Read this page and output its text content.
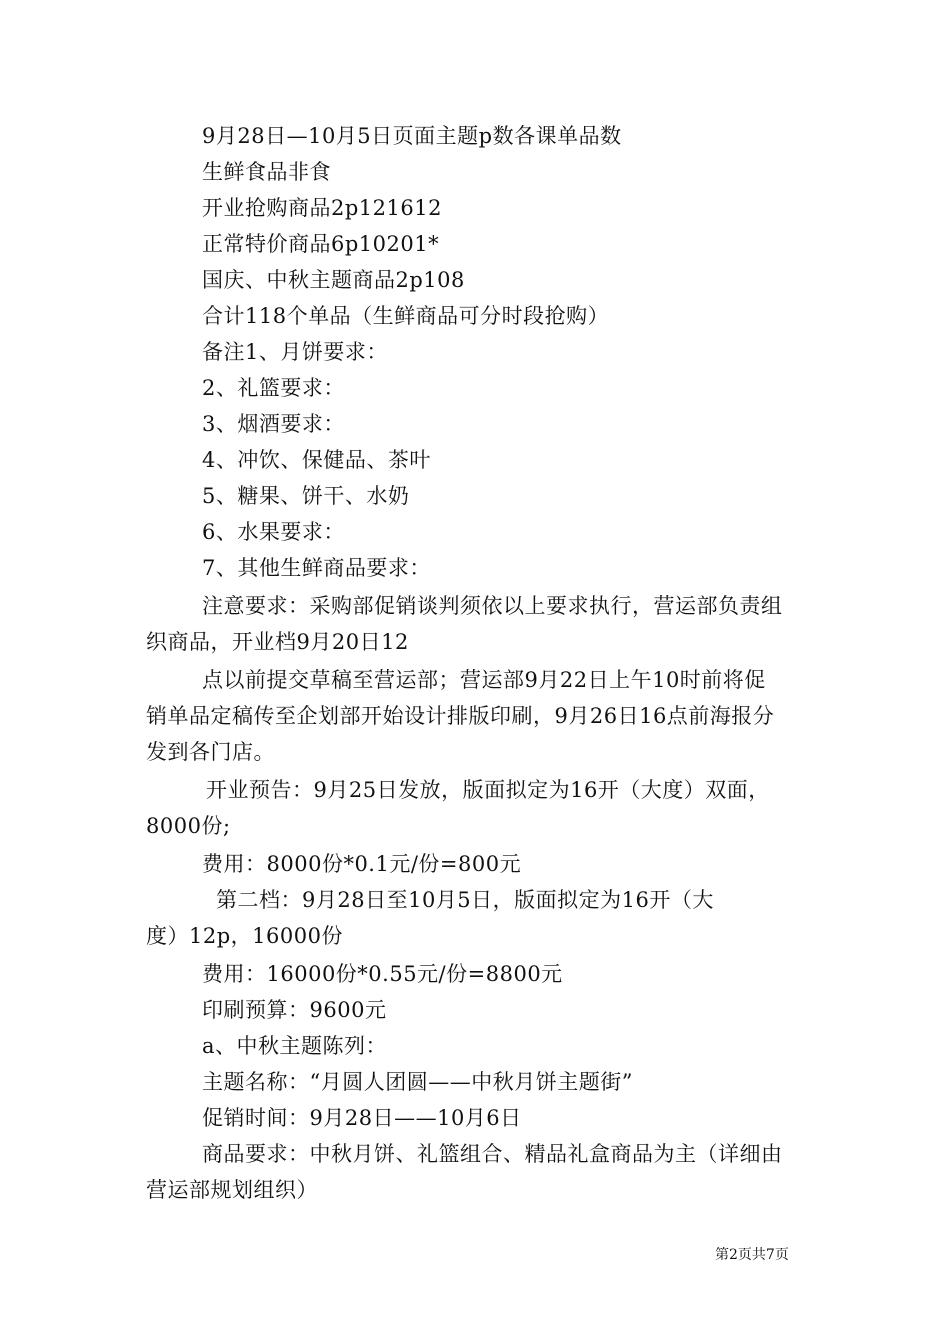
9月28日—10月5日页面主题p数各课单品数

生鲜食品非食

开业抢购商品2p121612

正常特价商品6p10201*

国庆、中秋主题商品2p108

合计118个单品（生鲜商品可分时段抢购）

备注1、月饼要求：

2、礼篮要求：

3、烟酒要求：

4、冲饮、保健品、茶叶

5、糖果、饼干、水奶

6、水果要求：

7、其他生鲜商品要求：

注意要求：采购部促销谈判须依以上要求执行，营运部负责组

织商品，开业档9月20日12

点以前提交草稿至营运部；营运部9月22日上午10时前将促

销单品定稿传至企划部开始设计排版印刷，9月26日16点前海报分

发到各门店。

开业预告：9月25日发放，版面拟定为16开（大度）双面，

8000份;

费用：8000份*0.1元/份=800元

第二档：9月28日至10月5日，版面拟定为16开（大

度）12p，16000份

费用：16000份*0.55元/份=8800元

印刷预算：9600元

a、中秋主题陈列：

主题名称：“月圆人团圆——中秋月饼主题街”

促销时间：9月28日——10月6日

商品要求：中秋月饼、礼篮组合、精品礼盒商品为主（详细由

营运部规划组织）

第2页共7页
